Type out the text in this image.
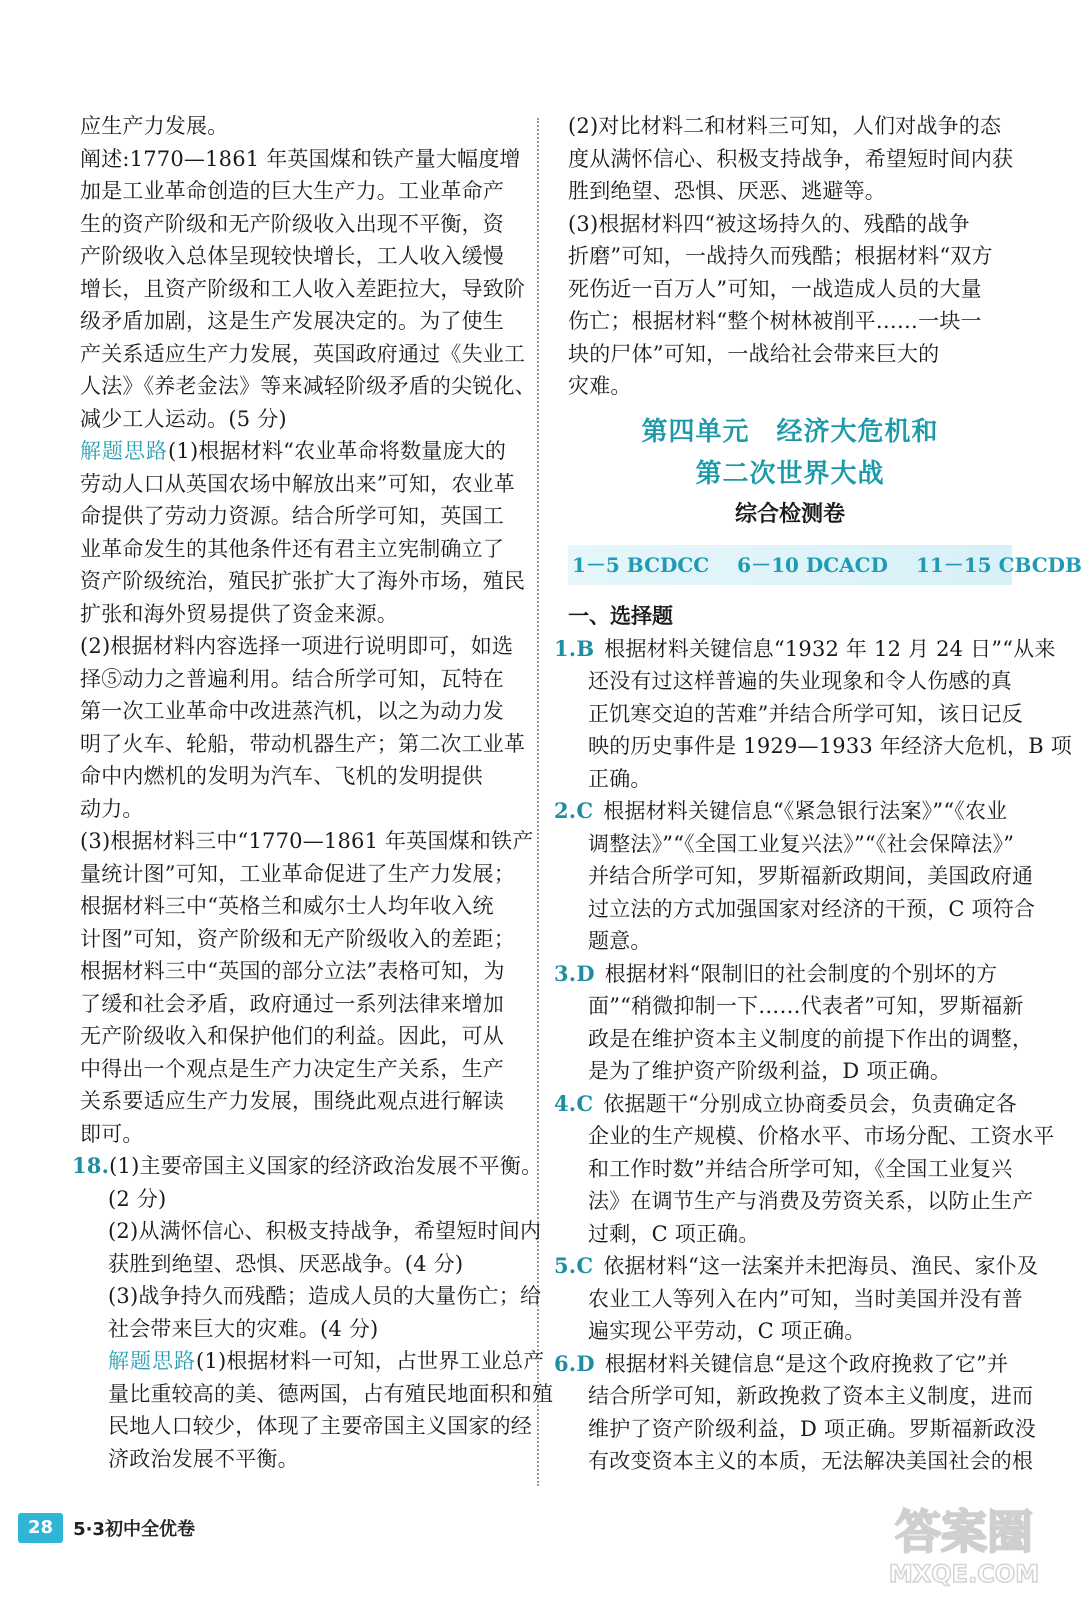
应生产力发展。
阐述:1770—1861 年英国煤和铁产量大幅度增
加是工业革命创造的巨大生产力。工业革命产
生的资产阶级和无产阶级收入出现不平衡，资
产阶级收入总体呈现较快增长，工人收入缓慢
增长，且资产阶级和工人收入差距拉大，导致阶
级矛盾加剧，这是生产发展决定的。为了使生
产关系适应生产力发展，英国政府通过《失业工
人法》《养老金法》等来减轻阶级矛盾的尖锐化、
减少工人运动。(5 分)
解题思路(1)根据材料“农业革命将数量庞大的
劳动人口从英国农场中解放出来”可知，农业革
命提供了劳动力资源。结合所学可知，英国工
业革命发生的其他条件还有君主立宪制确立了
资产阶级统治，殖民扩张扩大了海外市场，殖民
扩张和海外贸易提供了资金来源。
(2)根据材料内容选择一项进行说明即可，如选
择⑤动力之普遍利用。结合所学可知，瓦特在
第一次工业革命中改进蒸汽机，以之为动力发
明了火车、轮船，带动机器生产；第二次工业革
命中内燃机的发明为汽车、飞机的发明提供
动力。
(3)根据材料三中“1770—1861 年英国煤和铁产
量统计图”可知，工业革命促进了生产力发展；
根据材料三中“英格兰和威尔士人均年收入统
计图”可知，资产阶级和无产阶级收入的差距；
根据材料三中“英国的部分立法”表格可知，为
了缓和社会矛盾，政府通过一系列法律来增加
无产阶级收入和保护他们的利益。因此，可从
中得出一个观点是生产力决定生产关系，生产
关系要适应生产力发展，围绕此观点进行解读
即可。
18.(1)主要帝国主义国家的经济政治发展不平衡。
(2 分)
(2)从满怀信心、积极支持战争，希望短时间内
获胜到绝望、恐惧、厌恶战争。(4 分)
(3)战争持久而残酷；造成人员的大量伤亡；给
社会带来巨大的灾难。(4 分)
解题思路(1)根据材料一可知，占世界工业总产
量比重较高的美、德两国，占有殖民地面积和殖
民地人口较少，体现了主要帝国主义国家的经
济政治发展不平衡。
(2)对比材料二和材料三可知，人们对战争的态
度从满怀信心、积极支持战争，希望短时间内获
胜到绝望、恐惧、厌恶、逃避等。
(3)根据材料四“被这场持久的、残酷的战争
折磨”可知，一战持久而残酷；根据材料“双方
死伤近一百万人”可知，一战造成人员的大量
伤亡；根据材料“整个树林被削平……一块一
块的尸体”可知，一战给社会带来巨大的
灾难。
第四单元　经济大危机和
第二次世界大战
综合检测卷
1－5 BCDCC 6－10 DCACD 11－15 CBCDB
一、选择题
1.B 根据材料关键信息“1932 年 12 月 24 日”“从来
还没有过这样普遍的失业现象和令人伤感的真
正饥寒交迫的苦难”并结合所学可知，该日记反
映的历史事件是 1929—1933 年经济大危机，B 项
正确。
2.C 根据材料关键信息“《紧急银行法案》”“《农业
调整法》”“《全国工业复兴法》”“《社会保障法》”
并结合所学可知，罗斯福新政期间，美国政府通
过立法的方式加强国家对经济的干预，C 项符合
题意。
3.D 根据材料“限制旧的社会制度的个别坏的方
面”“稍微抑制一下……代表者”可知，罗斯福新
政是在维护资本主义制度的前提下作出的调整，
是为了维护资产阶级利益，D 项正确。
4.C 依据题干“分别成立协商委员会，负责确定各
企业的生产规模、价格水平、市场分配、工资水平
和工作时数”并结合所学可知，《全国工业复兴
法》在调节生产与消费及劳资关系，以防止生产
过剩，C 项正确。
5.C 依据材料“这一法案并未把海员、渔民、家仆及
农业工人等列入在内”可知，当时美国并没有普
遍实现公平劳动，C 项正确。
6.D 根据材料关键信息“是这个政府挽救了它”并
结合所学可知，新政挽救了资本主义制度，进而
维护了资产阶级利益，D 项正确。罗斯福新政没
有改变资本主义的本质，无法解决美国社会的根
28	5·3初中全优卷	答案圈
MXQE.COM
